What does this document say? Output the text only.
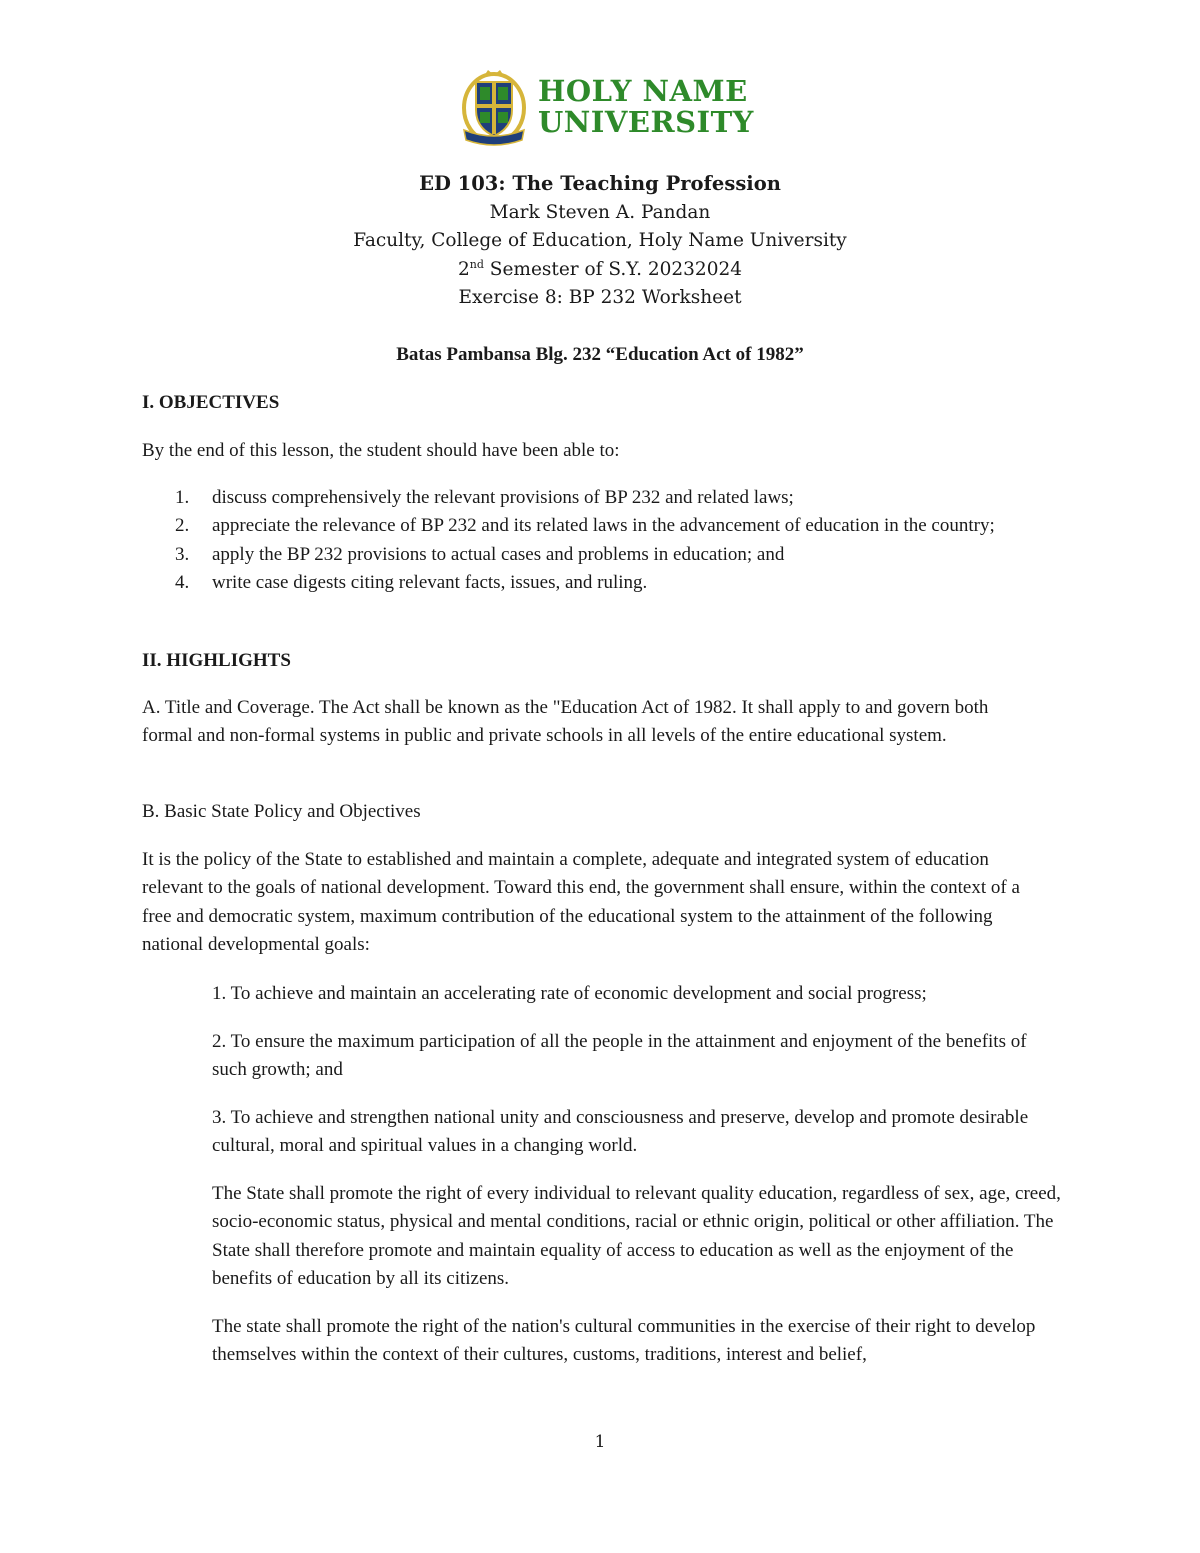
HOLY NAME
UNIVERSITY
ED 103: The Teaching Profession
Mark Steven A. Pandan
Faculty, College of Education, Holy Name University
2nd Semester of S.Y. 20232024
Exercise 8: BP 232 Worksheet
Batas Pambansa Blg. 232 “Education Act of 1982”
I. OBJECTIVES
By the end of this lesson, the student should have been able to:
1. discuss comprehensively the relevant provisions of BP 232 and related laws;
2. appreciate the relevance of BP 232 and its related laws in the advancement of education in the country;
3. apply the BP 232 provisions to actual cases and problems in education; and
4. write case digests citing relevant facts, issues, and ruling.
II. HIGHLIGHTS
A. Title and Coverage. The Act shall be known as the "Education Act of 1982. It shall apply to and govern both formal and non-formal systems in public and private schools in all levels of the entire educational system.
B. Basic State Policy and Objectives
It is the policy of the State to established and maintain a complete, adequate and integrated system of education relevant to the goals of national development. Toward this end, the government shall ensure, within the context of a free and democratic system, maximum contribution of the educational system to the attainment of the following national developmental goals:
1. To achieve and maintain an accelerating rate of economic development and social progress;
2. To ensure the maximum participation of all the people in the attainment and enjoyment of the benefits of such growth; and
3. To achieve and strengthen national unity and consciousness and preserve, develop and promote desirable cultural, moral and spiritual values in a changing world.
The State shall promote the right of every individual to relevant quality education, regardless of sex, age, creed, socio-economic status, physical and mental conditions, racial or ethnic origin, political or other affiliation. The State shall therefore promote and maintain equality of access to education as well as the enjoyment of the benefits of education by all its citizens.
The state shall promote the right of the nation's cultural communities in the exercise of their right to develop themselves within the context of their cultures, customs, traditions, interest and belief,
1
